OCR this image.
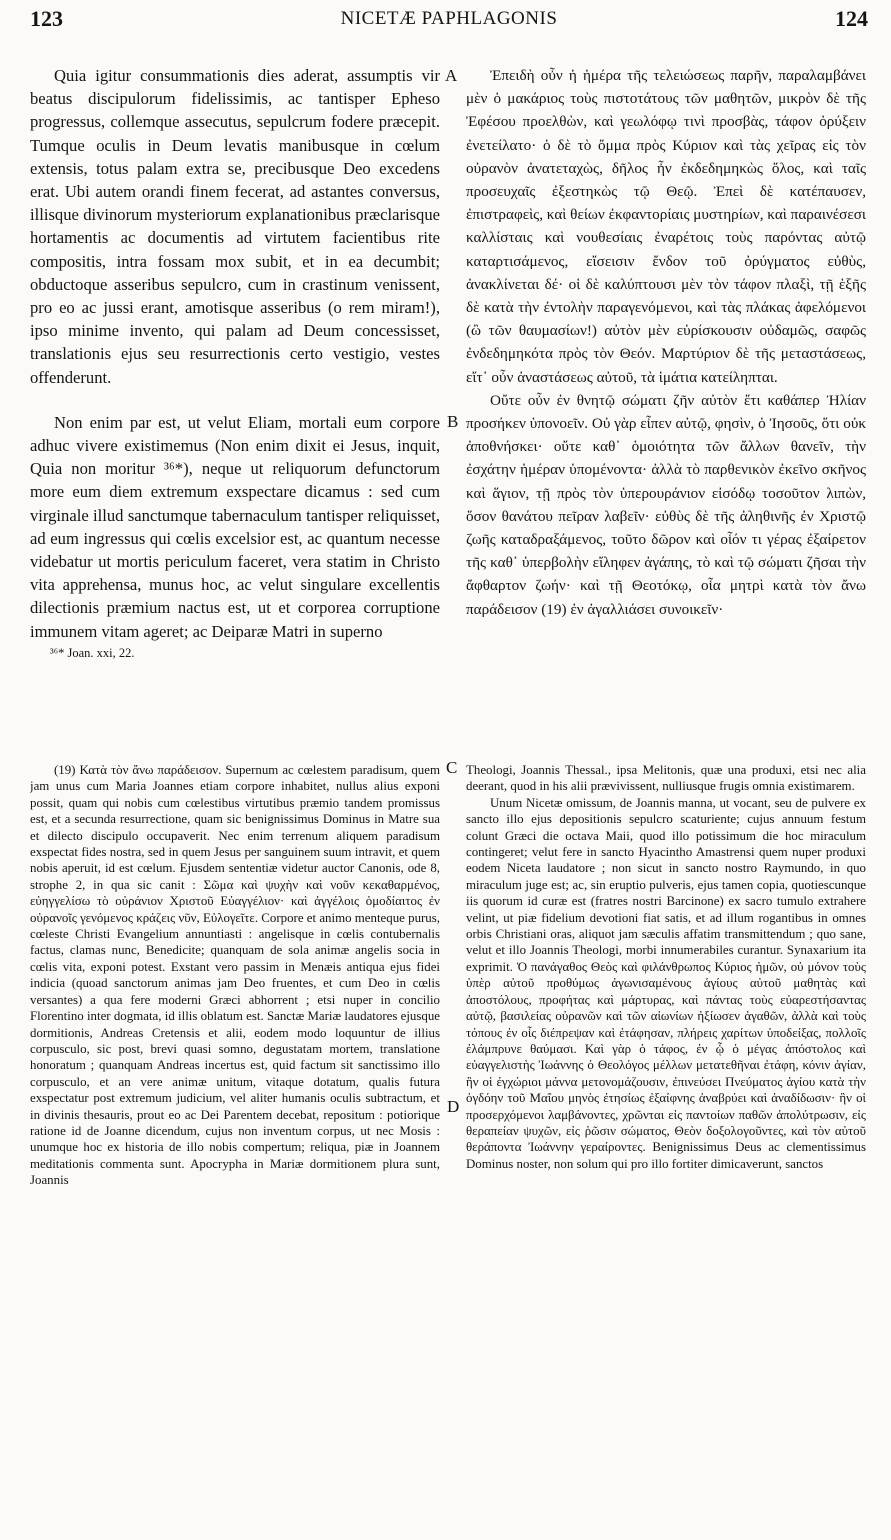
123	NICETÆ PAPHLAGONIS	124
A
B
C
D

Quia igitur consummationis dies aderat, assumptis vir beatus discipulorum fidelissimis, ac tantisper Epheso progressus, collemque assecutus, sepulcrum fodere præcepit. Tumque oculis in Deum levatis manibusque in cœlum extensis, totus palam extra se, precibusque Deo excedens erat. Ubi autem orandi finem fecerat, ad astantes conversus, illisque divinorum mysteriorum explanationibus præclarisque hortamentis ac documentis ad virtutem facientibus rite compositis, intra fossam mox subit, et in ea decumbit; obductoque asseribus sepulcro, cum in crastinum venissent, pro eo ac jussi erant, amotisque asseribus (o rem miram!), ipso minime invento, qui palam ad Deum concessisset, translationis ejus seu resurrectionis certo vestigio, vestes offenderunt.

Non enim par est, ut velut Eliam, mortali eum corpore adhuc vivere existimemus (Non enim dixit ei Jesus, inquit, Quia non moritur ³⁶*), neque ut reliquorum defunctorum more eum diem extremum exspectare dicamus : sed cum virginale illud sanctumque tabernaculum tantisper reliquisset, ad eum ingressus qui cœlis excelsior est, ac quantum necesse videbatur ut mortis periculum faceret, vera statim in Christo vita apprehensa, munus hoc, ac velut singulare excellentis dilectionis præmium nactus est, ut et corporea corruptione immunem vitam ageret; ac Deiparæ Matri in superno

³⁶* Joan. xxi, 22.

Ἐπειδὴ οὖν ἡ ἡμέρα τῆς τελειώσεως παρῆν, παραλαμβάνει μὲν ὁ μακάριος τοὺς πιστοτάτους τῶν μαθητῶν, μικρὸν δὲ τῆς Ἐφέσου προελθὼν, καὶ γεωλόφῳ τινὶ προσβὰς, τάφον ὀρύξειν ἐνετείλατο· ὁ δὲ τὸ ὄμμα πρὸς Κύριον καὶ τὰς χεῖρας εἰς τὸν οὐρανὸν ἀνατεταχὼς, δῆλος ἦν ἐκδεδημηκὼς ὅλος, καὶ ταῖς προσευχαῖς ἐξεστηκὼς τῷ Θεῷ. Ἐπεὶ δὲ κατέπαυσεν, ἐπιστραφεὶς, καὶ θείων ἐκφαντορίαις μυστηρίων, καὶ παραινέσεσι καλλίσταις καὶ νουθεσίαις ἐναρέτοις τοὺς παρόντας αὐτῷ καταρτισάμενος, εἴσεισιν ἔνδον τοῦ ὀρύγματος εὐθὺς, ἀνακλίνεται δέ· οἱ δὲ καλύπτουσι μὲν τὸν τάφον πλαξὶ, τῇ ἑξῆς δὲ κατὰ τὴν ἐντολὴν παραγενόμενοι, καὶ τὰς πλάκας ἀφελόμενοι (ὢ τῶν θαυμασίων!) αὐτὸν μὲν εὑρίσκουσιν οὐδαμῶς, σαφῶς ἐνδεδημηκότα πρὸς τὸν Θεόν. Μαρτύριον δὲ τῆς μεταστάσεως, εἴτ᾽ οὖν ἀναστάσεως αὐτοῦ, τὰ ἱμάτια κατείληπται.

Οὔτε οὖν ἐν θνητῷ σώματι ζῆν αὐτὸν ἔτι καθάπερ Ἠλίαν προσήκεν ὑπονοεῖν. Οὐ γὰρ εἶπεν αὐτῷ, φησὶν, ὁ Ἰησοῦς, ὅτι οὐκ ἀποθνήσκει· οὔτε καθ᾽ ὁμοιότητα τῶν ἄλλων θανεῖν, τὴν ἐσχάτην ἡμέραν ὑπομένοντα· ἀλλὰ τὸ παρθενικὸν ἐκεῖνο σκῆνος καὶ ἅγιον, τῇ πρὸς τὸν ὑπερουράνιον εἰσόδῳ τοσοῦτον λιπὼν, ὅσον θανάτου πεῖραν λαβεῖν· εὐθὺς δὲ τῆς ἀληθινῆς ἐν Χριστῷ ζωῆς καταδραξάμενος, τοῦτο δῶρον καὶ οἷόν τι γέρας ἐξαίρετον τῆς καθ᾽ ὑπερβολὴν εἴληφεν ἀγάπης, τὸ καὶ τῷ σώματι ζῆσαι τὴν ἄφθαρτον ζωήν· καὶ τῇ Θεοτόκῳ, οἷα μητρὶ κατὰ τὸν ἄνω παράδεισον (19) ἐν ἀγαλλιάσει συνοικεῖν·

(19) Κατὰ τὸν ἄνω παράδεισον. Supernum ac cœlestem paradisum, quem jam unus cum Maria Joannes etiam corpore inhabitet, nullus alius exponi possit, quam qui nobis cum cœlestibus virtutibus præmio tandem promissus est, et a secunda resurrectione, quam sic benignissimus Dominus in Matre sua et dilecto discipulo occupaverit. Nec enim terrenum aliquem paradisum exspectat fides nostra, sed in quem Jesus per sanguinem suum intravit, et quem nobis aperuit, id est cœlum. Ejusdem sententiæ videtur auctor Canonis, ode 8, strophe 2, in qua sic canit : Σῶμα καὶ ψυχὴν καὶ νοῦν κεκαθαρμένος, εὐηγγελίσω τὸ οὐράνιον Χριστοῦ Εὐαγγέλιον· καὶ ἀγγέλοις ὁμοδίαιτος ἐν οὐρανοῖς γενόμενος κράζεις νῦν, Εὐλογεῖτε. Corpore et animo menteque purus, cœleste Christi Evangelium annuntiasti : angelisque in cœlis contubernalis factus, clamas nunc, Benedicite; quanquam de sola animæ angelis socia in cœlis vita, exponi potest. Exstant vero passim in Menæis antiqua ejus fidei indicia (quoad sanctorum animas jam Deo fruentes, et cum Deo in cœlis versantes) a qua fere moderni Græci abhorrent ; etsi nuper in concilio Florentino inter dogmata, id illis oblatum est. Sanctæ Mariæ laudatores ejusque dormitionis, Andreas Cretensis et alii, eodem modo loquuntur de illius corpusculo, sic post, brevi quasi somno, degustatam mortem, translatione honoratum ; quanquam Andreas incertus est, quid factum sit sanctissimo illo corpusculo, et an vere animæ unitum, vitaque dotatum, qualis futura exspectatur post extremum judicium, vel aliter humanis oculis subtractum, et in divinis thesauris, prout eo ac Dei Parentem decebat, repositum : potiorique ratione id de Joanne dicendum, cujus non inventum corpus, ut nec Mosis : unumque hoc ex historia de illo nobis compertum; reliqua, piæ in Joannem meditationis commenta sunt. Apocrypha in Mariæ dormitionem plura sunt, Joannis

Theologi, Joannis Thessal., ipsa Melitonis, quæ una produxi, etsi nec alia deerant, quod in his alii prævivissent, nulliusque frugis omnia existimarem.

Unum Nicetæ omissum, de Joannis manna, ut vocant, seu de pulvere ex sancto illo ejus depositionis sepulcro scaturiente; cujus annuum festum colunt Græci die octava Maii, quod illo potissimum die hoc miraculum contingeret; velut fere in sancto Hyacintho Amastrensi quem nuper produxi eodem Niceta laudatore ; non sicut in sancto nostro Raymundo, in quo miraculum juge est; ac, sin eruptio pulveris, ejus tamen copia, quotiescunque iis quorum id curæ est (fratres nostri Barcinone) ex sacro tumulo extrahere velint, ut piæ fidelium devotioni fiat satis, et ad illum rogantibus in omnes orbis Christiani oras, aliquot jam sæculis affatim transmittendum ; quo sane, velut et illo Joannis Theologi, morbi innumerabiles curantur. Synaxarium ita exprimit. Ὁ πανάγαθος Θεὸς καὶ φιλάνθρωπος Κύριος ἡμῶν, οὐ μόνον τοὺς ὑπὲρ αὐτοῦ προθύμως ἀγωνισαμένους ἁγίους αὐτοῦ μαθητὰς καὶ ἀποστόλους, προφήτας καὶ μάρτυρας, καὶ πάντας τοὺς εὐαρεστήσαντας αὐτῷ, βασιλείας οὐρανῶν καὶ τῶν αἰωνίων ἠξίωσεν ἀγαθῶν, ἀλλὰ καὶ τοὺς τόπους ἐν οἷς διέπρεψαν καὶ ἐτάφησαν, πλήρεις χαρίτων ὑποδείξας, πολλοῖς ἐλάμπρυνε θαύμασι. Καὶ γὰρ ὁ τάφος, ἐν ᾧ ὁ μέγας ἀπόστολος καὶ εὐαγγελιστὴς Ἰωάννης ὁ Θεολόγος μέλλων μετατεθῆναι ἐτάφη, κόνιν ἁγίαν, ἣν οἱ ἐγχώριοι μάννα μετονομάζουσιν, ἐπινεύσει Πνεύματος ἁγίου κατὰ τὴν ὀγδόην τοῦ Μαΐου μηνὸς ἐτησίως ἐξαίφνης ἀναβρύει καὶ ἀναδίδωσιν· ἣν οἱ προσερχόμενοι λαμβάνοντες, χρῶνται εἰς παντοίων παθῶν ἀπολύτρωσιν, εἰς θεραπείαν ψυχῶν, εἰς ῥῶσιν σώματος, Θεὸν δοξολογοῦντες, καὶ τὸν αὐτοῦ θεράποντα Ἰωάννην γεραίροντες. Benignissimus Deus ac clementissimus Dominus noster, non solum qui pro illo fortiter dimicaverunt, sanctos
